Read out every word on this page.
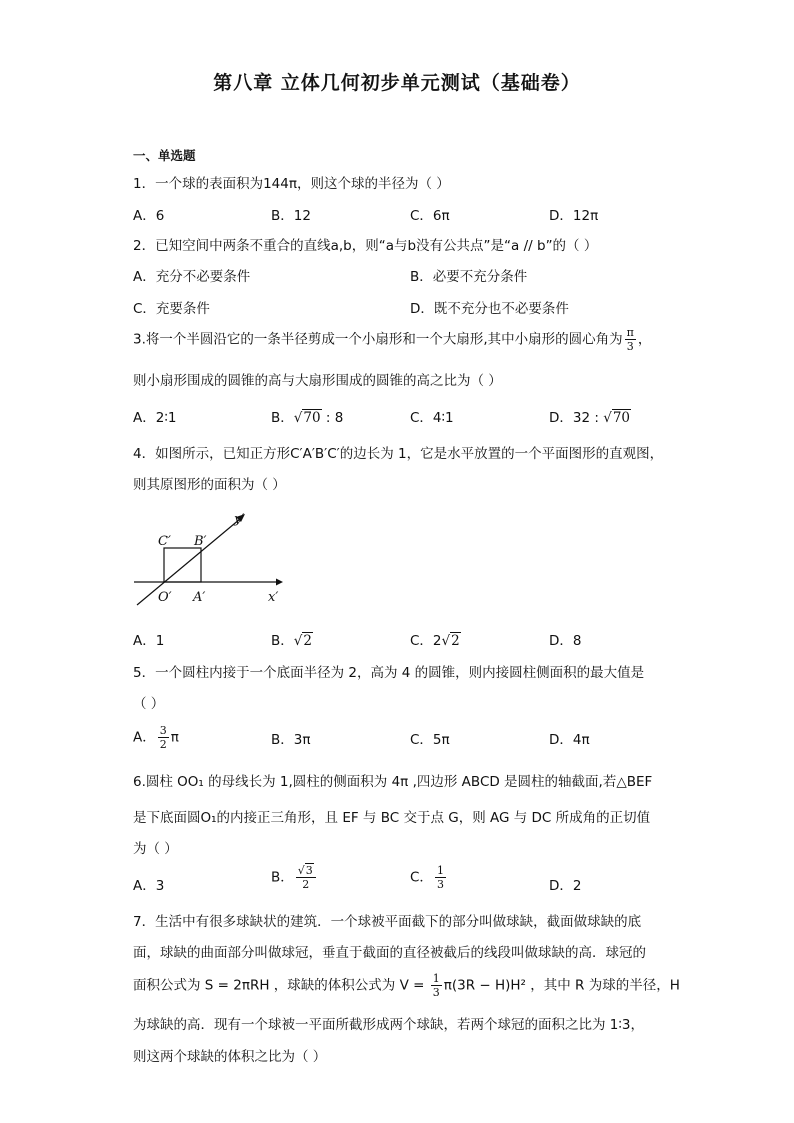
第八章 立体几何初步单元测试（基础卷）
一、单选题
1．一个球的表面积为144π，则这个球的半径为（ ）
A．6	B．12	C．6π	D．12π
2．已知空间中两条不重合的直线a,b，则“a与b没有公共点”是“a // b”的（ ）
A．充分不必要条件	B．必要不充分条件
C．充要条件	D．既不充分也不必要条件
3.将一个半圆沿它的一条半径剪成一个小扇形和一个大扇形,其中小扇形的圆心角为 $\frac{\pi}{3}$ ，
则小扇形围成的圆锥的高与大扇形围成的圆锥的高之比为（ ）
A．2∶1	B．√70 : 8	C．4∶1	D．32 : √70
4．如图所示，已知正方形C′A′B′C′的边长为 1，它是水平放置的一个平面图形的直观图，
则其原图形的面积为（ ）
C′ B′
O′ A′	x′
y′
A．1	B．√2	C．2√2	D．8
5．一个圆柱内接于一个底面半径为 2，高为 4 的圆锥，则内接圆柱侧面积的最大值是
（ ）
A． $\frac{3}{2}$ π	B．3π	C．5π	D．4π
6.圆柱 OO₁ 的母线长为 1,圆柱的侧面积为 4π ,四边形 ABCD 是圆柱的轴截面,若△BEF
是下底面圆O₁的内接正三角形，且 EF 与 BC 交于点 G，则 AG 与 DC 所成角的正切值
为（ ）
A．3
B． $\frac{√3}{2}$	C． $\frac{1}{3}$	D．2
7．生活中有很多球缺状的建筑．一个球被平面截下的部分叫做球缺，截面做球缺的底
面，球缺的曲面部分叫做球冠，垂直于截面的直径被截后的线段叫做球缺的高．球冠的
面积公式为 S = 2πRH ，球缺的体积公式为 $V = \frac{1}{3} \pi(3R - H)H^2$ ，其中 R 为球的半径，H
为球缺的高．现有一个球被一平面所截形成两个球缺，若两个球冠的面积之比为 1∶3，
则这两个球缺的体积之比为（ ）
